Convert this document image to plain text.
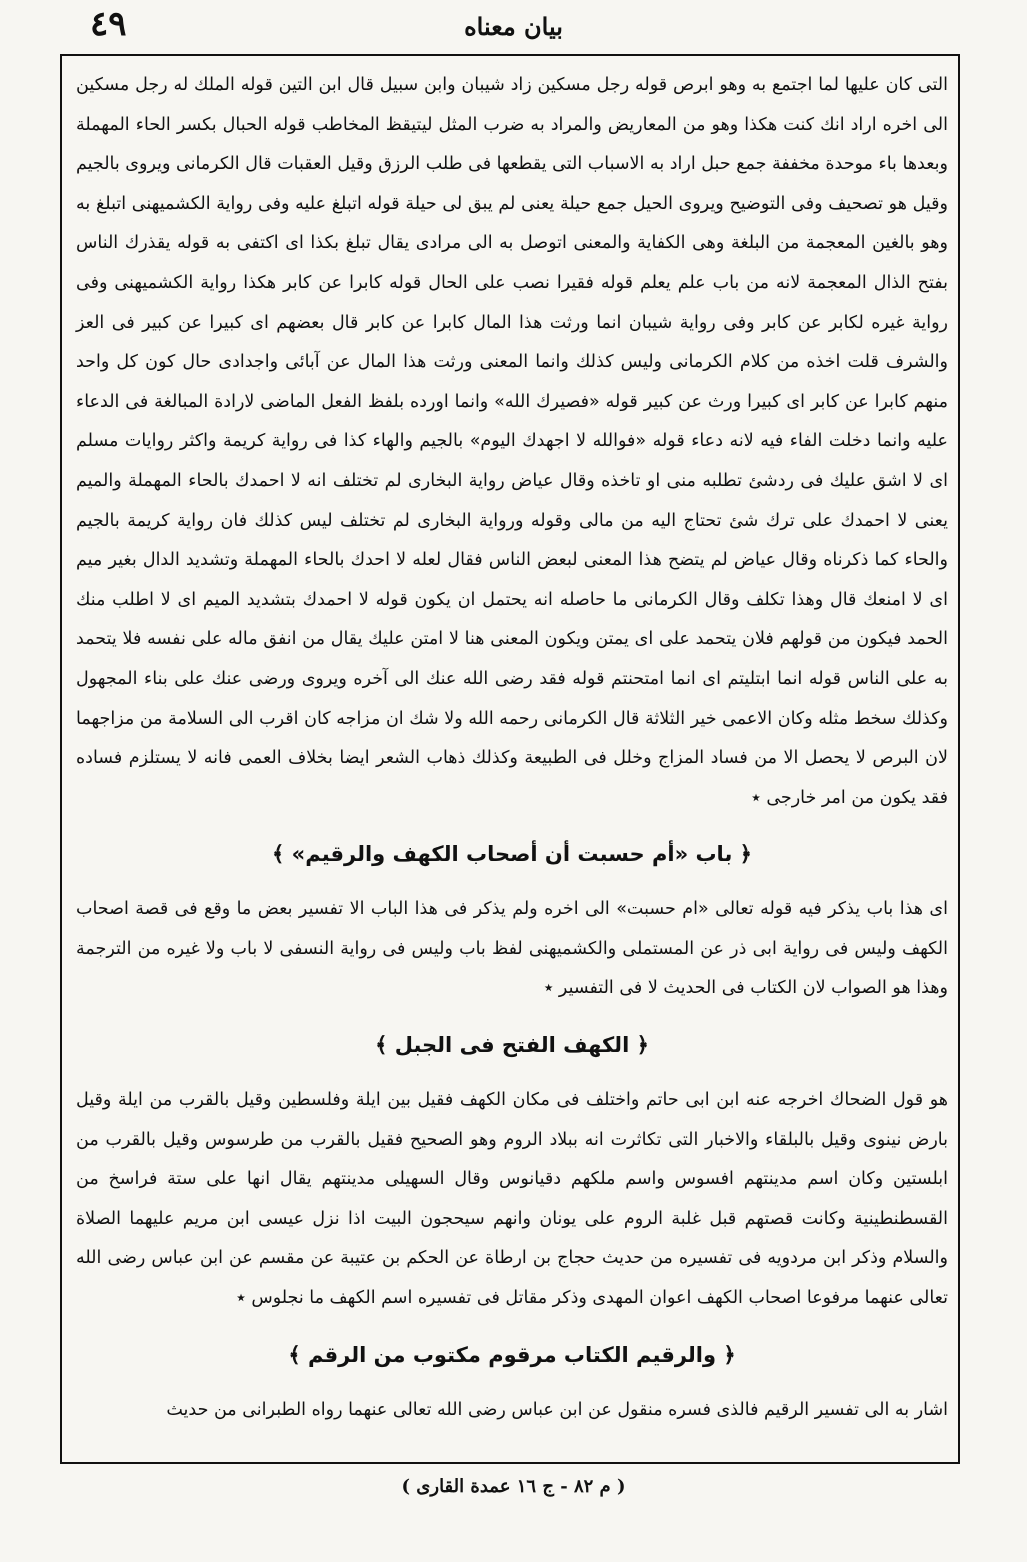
بيان معناه
٤٩

التى كان عليها لما اجتمع به وهو ابرص قوله رجل مسكين زاد شيبان وابن سبيل قال ابن التين قوله الملك له رجل مسكين الى اخره اراد انك كنت هكذا وهو من المعاريض والمراد به ضرب المثل ليتيقظ المخاطب قوله الحبال بكسر الحاء المهملة وبعدها باء موحدة مخففة جمع حبل اراد به الاسباب التى يقطعها فى طلب الرزق وقيل العقبات قال الكرمانى ويروى بالجيم وقيل هو تصحيف وفى التوضيح ويروى الحيل جمع حيلة يعنى لم يبق لى حيلة قوله اتبلغ عليه وفى رواية الكشميهنى اتبلغ به وهو بالغين المعجمة من البلغة وهى الكفاية والمعنى اتوصل به الى مرادى يقال تبلغ بكذا اى اكتفى به قوله يقذرك الناس بفتح الذال المعجمة لانه من باب علم يعلم قوله فقيرا نصب على الحال قوله كابرا عن كابر هكذا رواية الكشميهنى وفى رواية غيره لكابر عن كابر وفى رواية شيبان انما ورثت هذا المال كابرا عن كابر قال بعضهم اى كبيرا عن كبير فى العز والشرف قلت اخذه من كلام الكرمانى وليس كذلك وانما المعنى ورثت هذا المال عن آبائى واجدادى حال كون كل واحد منهم كابرا عن كابر اى كبيرا ورث عن كبير قوله «فصيرك الله» وانما اورده بلفظ الفعل الماضى لارادة المبالغة فى الدعاء عليه وانما دخلت الفاء فيه لانه دعاء قوله «فوالله لا اجهدك اليوم» بالجيم والهاء كذا فى رواية كريمة واكثر روايات مسلم اى لا اشق عليك فى ردشئ تطلبه منى او تاخذه وقال عياض رواية البخارى لم تختلف انه لا احمدك بالحاء المهملة والميم يعنى لا احمدك على ترك شئ تحتاج اليه من مالى وقوله ورواية البخارى لم تختلف ليس كذلك فان رواية كريمة بالجيم والحاء كما ذكرناه وقال عياض لم يتضح هذا المعنى لبعض الناس فقال لعله لا احدك بالحاء المهملة وتشديد الدال بغير ميم اى لا امنعك قال وهذا تكلف وقال الكرمانى ما حاصله انه يحتمل ان يكون قوله لا احمدك بتشديد الميم اى لا اطلب منك الحمد فيكون من قولهم فلان يتحمد على اى يمتن ويكون المعنى هنا لا امتن عليك يقال من انفق ماله على نفسه فلا يتحمد به على الناس قوله انما ابتليتم اى انما امتحنتم قوله فقد رضى الله عنك الى آخره ويروى ورضى عنك على بناء المجهول وكذلك سخط مثله وكان الاعمى خير الثلاثة قال الكرمانى رحمه الله ولا شك ان مزاجه كان اقرب الى السلامة من مزاجهما لان البرص لا يحصل الا من فساد المزاج وخلل فى الطبيعة وكذلك ذهاب الشعر ايضا بخلاف العمى فانه لا يستلزم فساده فقد يكون من امر خارجى ٭

﴿ باب «أم حسبت أن أصحاب الكهف والرقيم» ﴾

اى هذا باب يذكر فيه قوله تعالى «ام حسبت» الى اخره ولم يذكر فى هذا الباب الا تفسير بعض ما وقع فى قصة اصحاب الكهف وليس فى رواية ابى ذر عن المستملى والكشميهنى لفظ باب وليس فى رواية النسفى لا باب ولا غيره من الترجمة وهذا هو الصواب لان الكتاب فى الحديث لا فى التفسير ٭

﴿ الكهف الفتح فى الجبل ﴾

هو قول الضحاك اخرجه عنه ابن ابى حاتم واختلف فى مكان الكهف فقيل بين ايلة وفلسطين وقيل بالقرب من ايلة وقيل بارض نينوى وقيل بالبلقاء والاخبار التى تكاثرت انه ببلاد الروم وهو الصحيح فقيل بالقرب من طرسوس وقيل بالقرب من ابلستين وكان اسم مدينتهم افسوس واسم ملكهم دقيانوس وقال السهيلى مدينتهم يقال انها على ستة فراسخ من القسطنطينية وكانت قصتهم قبل غلبة الروم على يونان وانهم سيحجون البيت اذا نزل عيسى ابن مريم عليهما الصلاة والسلام وذكر ابن مردويه فى تفسيره من حديث حجاج بن ارطاة عن الحكم بن عتيبة عن مقسم عن ابن عباس رضى الله تعالى عنهما مرفوعا اصحاب الكهف اعوان المهدى وذكر مقاتل فى تفسيره اسم الكهف ما نجلوس ٭

﴿ والرقيم الكتاب مرقوم مكتوب من الرقم ﴾

اشار به الى تفسير الرقيم فالذى فسره منقول عن ابن عباس رضى الله تعالى عنهما رواه الطبرانى من حديث

( م ٨٢ - ج ١٦ عمدة القارى )
